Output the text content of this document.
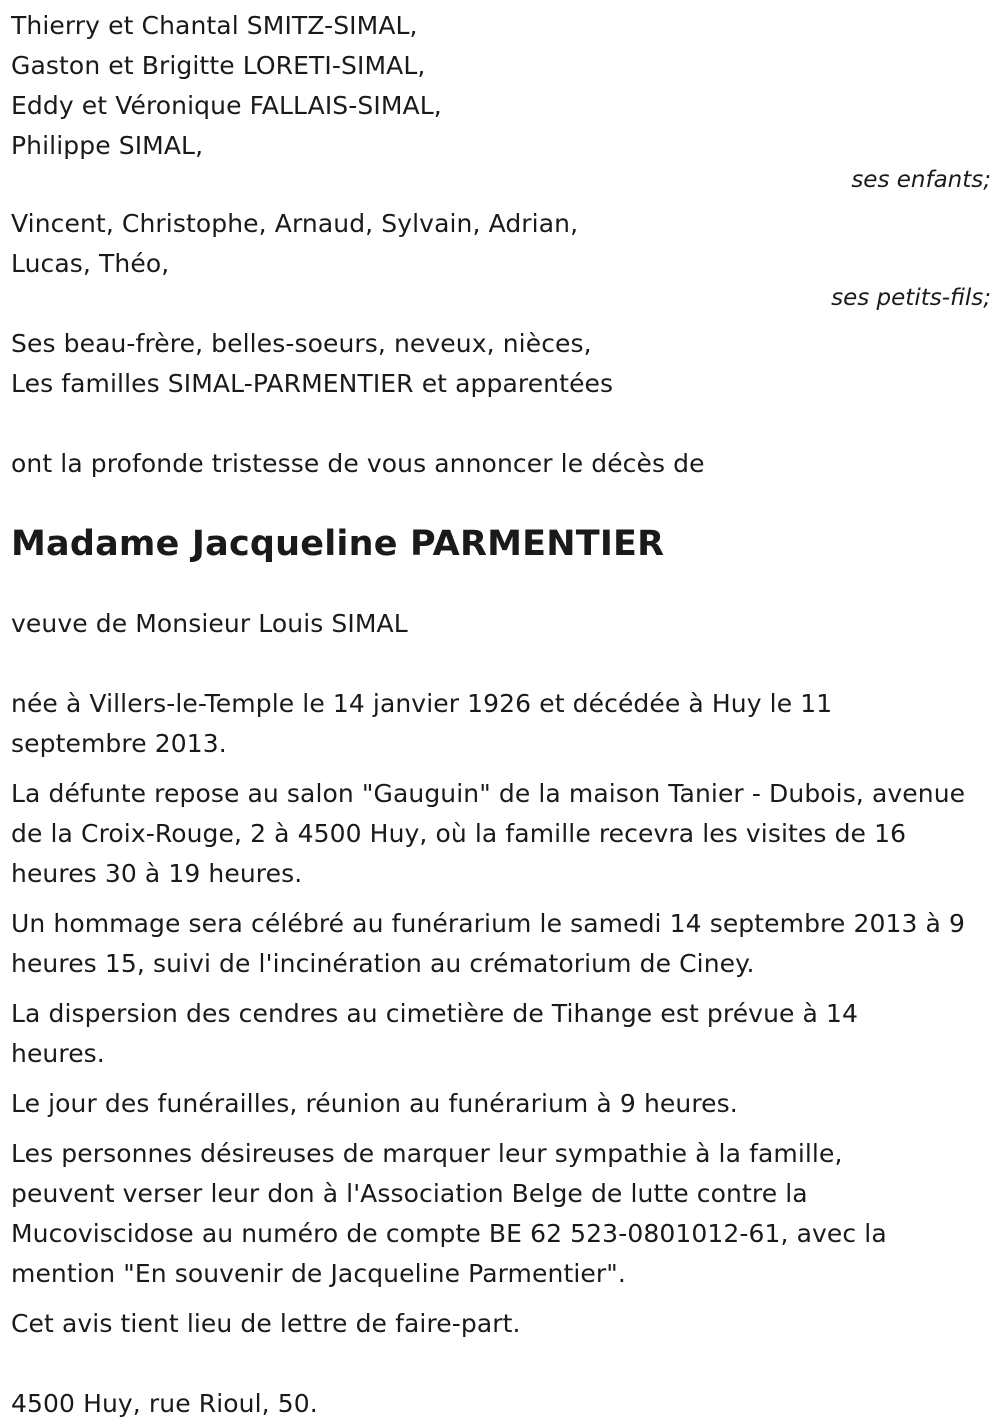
Thierry et Chantal SMITZ-SIMAL,
Gaston et Brigitte LORETI-SIMAL,
Eddy et Véronique FALLAIS-SIMAL,
Philippe SIMAL,
ses enfants;
Vincent, Christophe, Arnaud, Sylvain, Adrian,
Lucas, Théo,
ses petits-fils;
Ses beau-frère, belles-soeurs, neveux, nièces,
Les familles SIMAL-PARMENTIER et apparentées
ont la profonde tristesse de vous annoncer le décès de
Madame Jacqueline PARMENTIER
veuve de Monsieur Louis SIMAL
née à Villers-le-Temple le 14 janvier 1926 et décédée à Huy le 11 septembre 2013.
La défunte repose au salon "Gauguin" de la maison Tanier - Dubois, avenue de la Croix-Rouge, 2 à 4500 Huy, où la famille recevra les visites de 16 heures 30 à 19 heures.
Un hommage sera célébré au funérarium le samedi 14 septembre 2013 à 9 heures 15, suivi de l'incinération au crématorium de Ciney.
La dispersion des cendres au cimetière de Tihange est prévue à 14 heures.
Le jour des funérailles, réunion au funérarium à 9 heures.
Les personnes désireuses de marquer leur sympathie à la famille, peuvent verser leur don à l'Association Belge de lutte contre la Mucoviscidose au numéro de compte BE 62 523-0801012-61, avec la mention "En souvenir de Jacqueline Parmentier".
Cet avis tient lieu de lettre de faire-part.
4500 Huy, rue Rioul, 50.
